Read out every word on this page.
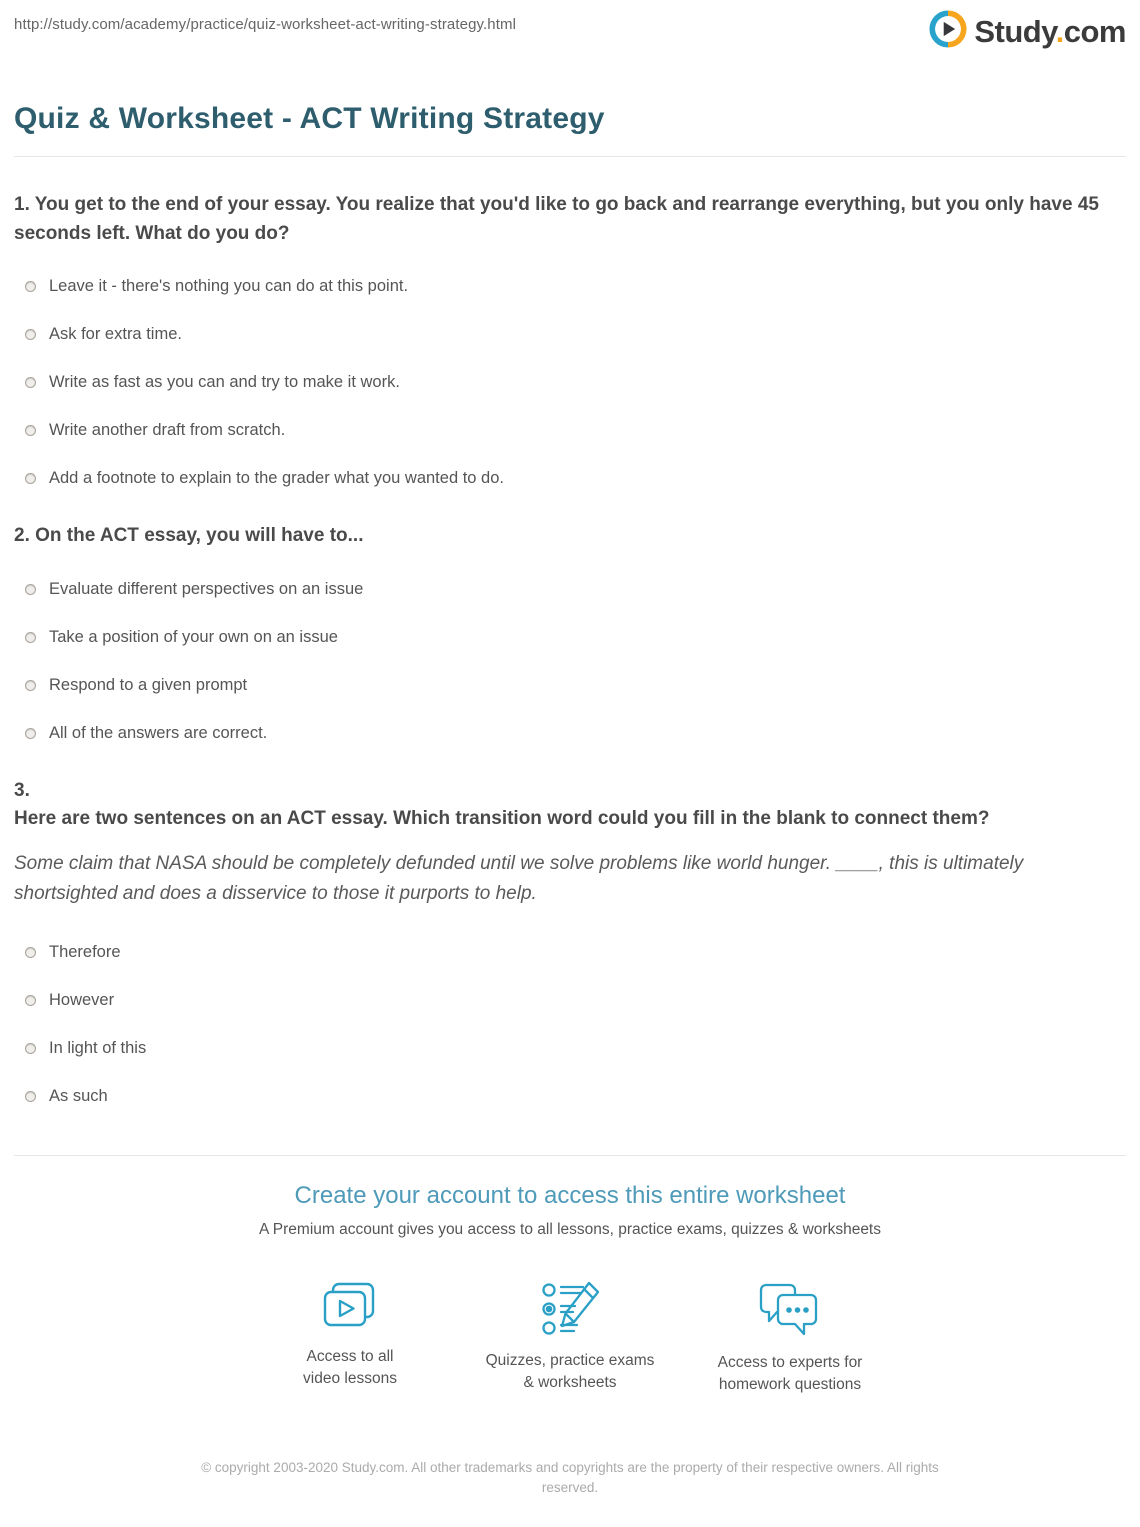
http://study.com/academy/practice/quiz-worksheet-act-writing-strategy.html	Study.com
Quiz & Worksheet - ACT Writing Strategy
1. You get to the end of your essay. You realize that you'd like to go back and rearrange everything, but you only have 45 seconds left. What do you do?
Leave it - there's nothing you can do at this point.
Ask for extra time.
Write as fast as you can and try to make it work.
Write another draft from scratch.
Add a footnote to explain to the grader what you wanted to do.
2. On the ACT essay, you will have to...
Evaluate different perspectives on an issue
Take a position of your own on an issue
Respond to a given prompt
All of the answers are correct.
3.
Here are two sentences on an ACT essay. Which transition word could you fill in the blank to connect them?

Some claim that NASA should be completely defunded until we solve problems like world hunger. ____, this is ultimately shortsighted and does a disservice to those it purports to help.

Therefore
However
In light of this
As such
Create your account to access this entire worksheet

A Premium account gives you access to all lessons, practice exams, quizzes & worksheets

Access to all
video lessons
Quizzes, practice exams
& worksheets
Access to experts for
homework questions

© copyright 2003-2020 Study.com. All other trademarks and copyrights are the property of their respective owners. All rights reserved.
